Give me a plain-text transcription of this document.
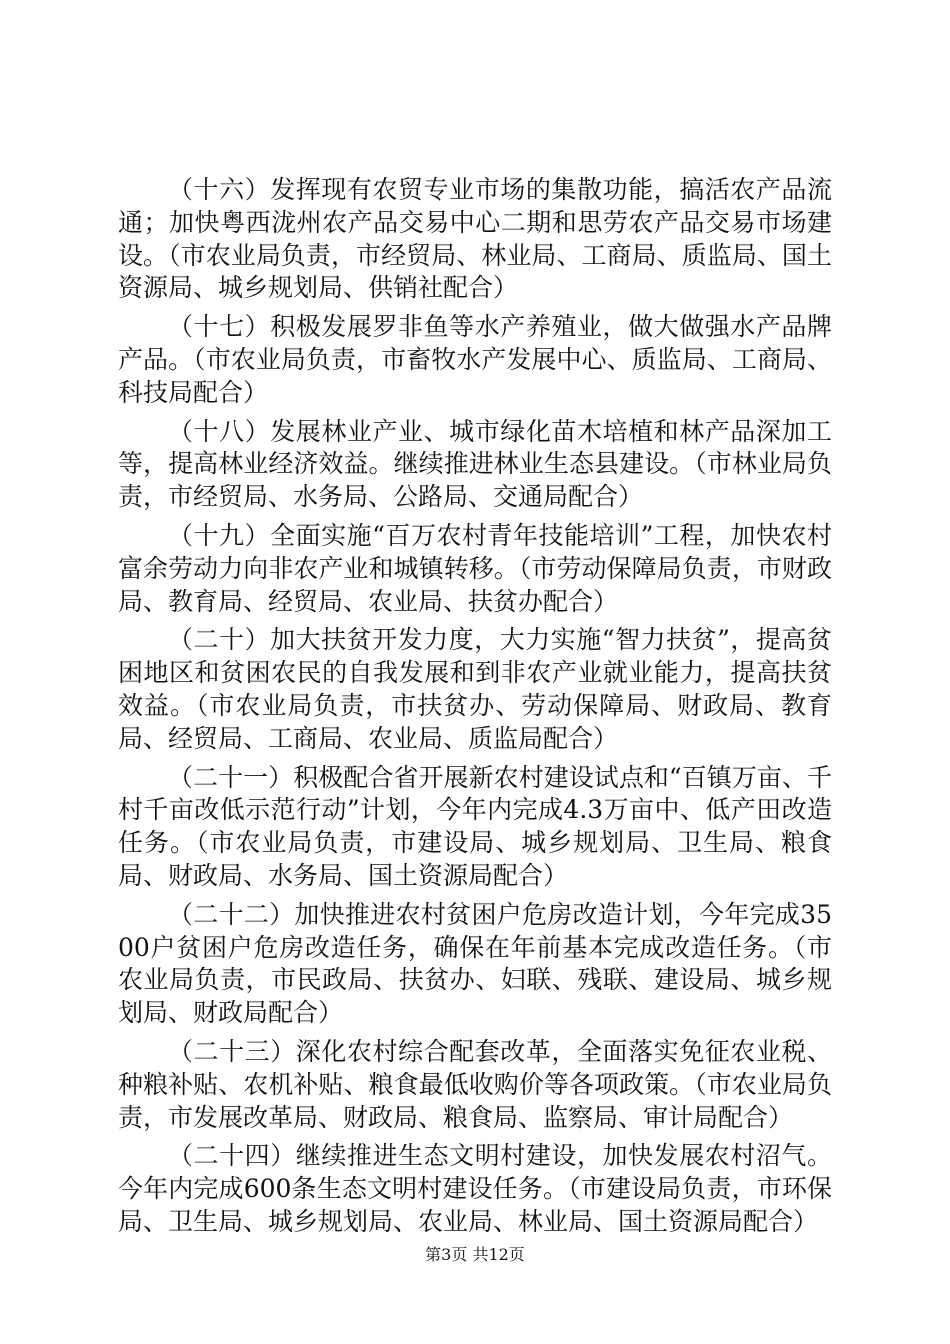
（十六）发挥现有农贸专业市场的集散功能，搞活农产品流通；加快粤西泷州农产品交易中心二期和思劳农产品交易市场建设。（市农业局负责，市经贸局、林业局、工商局、质监局、国土资源局、城乡规划局、供销社配合）

（十七）积极发展罗非鱼等水产养殖业，做大做强水产品牌产品。（市农业局负责，市畜牧水产发展中心、质监局、工商局、科技局配合）

（十八）发展林业产业、城市绿化苗木培植和林产品深加工等，提高林业经济效益。继续推进林业生态县建设。（市林业局负责，市经贸局、水务局、公路局、交通局配合）

（十九）全面实施“百万农村青年技能培训”工程，加快农村富余劳动力向非农产业和城镇转移。（市劳动保障局负责，市财政局、教育局、经贸局、农业局、扶贫办配合）

（二十）加大扶贫开发力度，大力实施“智力扶贫”，提高贫困地区和贫困农民的自我发展和到非农产业就业能力，提高扶贫效益。（市农业局负责，市扶贫办、劳动保障局、财政局、教育局、经贸局、工商局、农业局、质监局配合）

（二十一）积极配合省开展新农村建设试点和“百镇万亩、千村千亩改低示范行动”计划，今年内完成4.3万亩中、低产田改造任务。（市农业局负责，市建设局、城乡规划局、卫生局、粮食局、财政局、水务局、国土资源局配合）

（二十二）加快推进农村贫困户危房改造计划，今年完成3500户贫困户危房改造任务，确保在年前基本完成改造任务。（市农业局负责，市民政局、扶贫办、妇联、残联、建设局、城乡规划局、财政局配合）

（二十三）深化农村综合配套改革，全面落实免征农业税、种粮补贴、农机补贴、粮食最低收购价等各项政策。（市农业局负责，市发展改革局、财政局、粮食局、监察局、审计局配合）

（二十四）继续推进生态文明村建设，加快发展农村沼气。今年内完成600条生态文明村建设任务。（市建设局负责，市环保局、卫生局、城乡规划局、农业局、林业局、国土资源局配合）

第3页 共12页
